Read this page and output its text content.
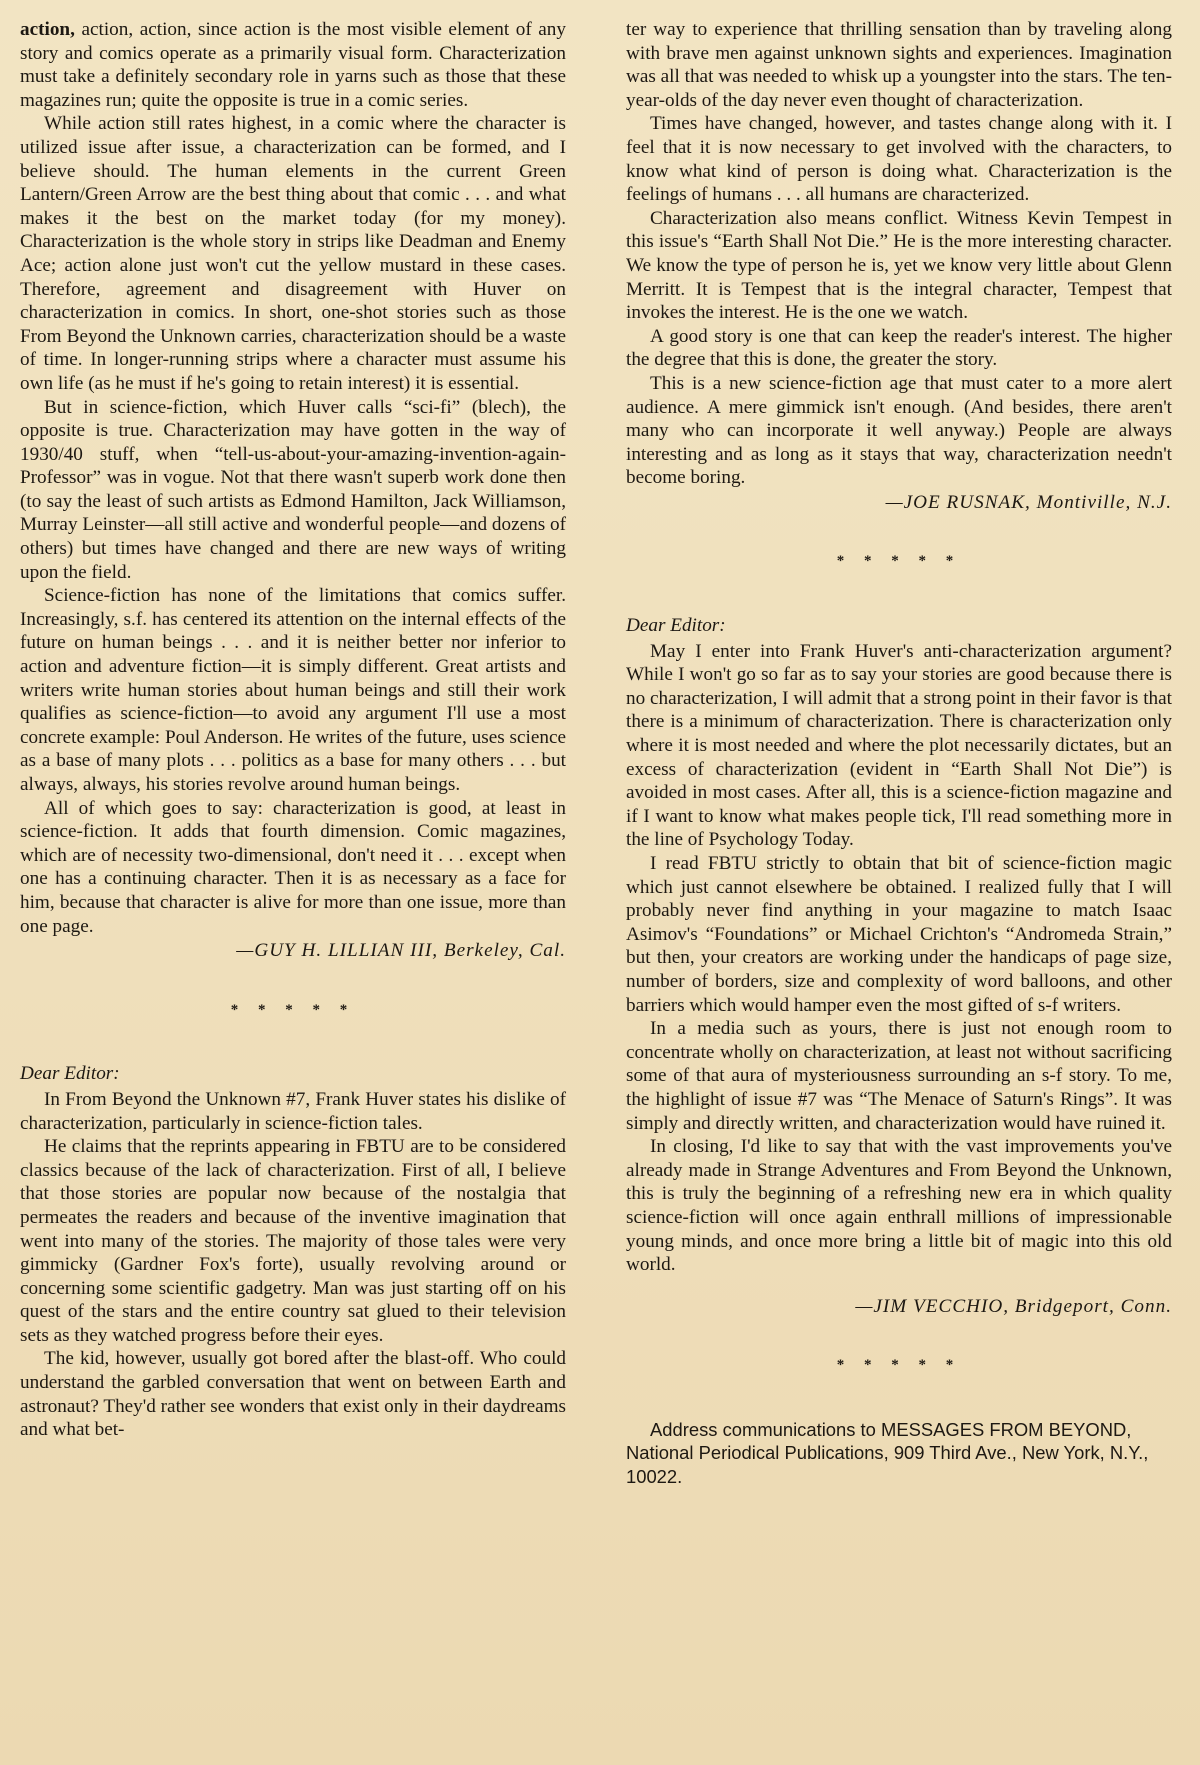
action, action, action, since action is the most visible element of any story and comics operate as a primarily visual form. Characterization must take a definitely secondary role in yarns such as those that these magazines run; quite the opposite is true in a comic series.

While action still rates highest, in a comic where the character is utilized issue after issue, a characterization can be formed, and I believe should. The human elements in the current Green Lantern/Green Arrow are the best thing about that comic . . . and what makes it the best on the market today (for my money). Characterization is the whole story in strips like Deadman and Enemy Ace; action alone just won't cut the yellow mustard in these cases. Therefore, agreement and disagreement with Huver on characterization in comics. In short, one-shot stories such as those From Beyond the Unknown carries, characterization should be a waste of time. In longer-running strips where a character must assume his own life (as he must if he's going to retain interest) it is essential.

But in science-fiction, which Huver calls “sci-fi” (blech), the opposite is true. Characterization may have gotten in the way of 1930/40 stuff, when “tell-us-about-your-amazing-invention-again-Professor” was in vogue. Not that there wasn't superb work done then (to say the least of such artists as Edmond Hamilton, Jack Williamson, Murray Leinster—all still active and wonderful people—and dozens of others) but times have changed and there are new ways of writing upon the field.

Science-fiction has none of the limitations that comics suffer. Increasingly, s.f. has centered its attention on the internal effects of the future on human beings . . . and it is neither better nor inferior to action and adventure fiction—it is simply different. Great artists and writers write human stories about human beings and still their work qualifies as science-fiction—to avoid any argument I'll use a most concrete example: Poul Anderson. He writes of the future, uses science as a base of many plots . . . politics as a base for many others . . . but always, always, his stories revolve around human beings.

All of which goes to say: characterization is good, at least in science-fiction. It adds that fourth dimension. Comic magazines, which are of necessity two-dimensional, don't need it . . . except when one has a continuing character. Then it is as necessary as a face for him, because that character is alive for more than one issue, more than one page.

—GUY H. LILLIAN III, Berkeley, Cal.

* * * * *

Dear Editor:

In From Beyond the Unknown #7, Frank Huver states his dislike of characterization, particularly in science-fiction tales.

He claims that the reprints appearing in FBTU are to be considered classics because of the lack of characterization. First of all, I believe that those stories are popular now because of the nostalgia that permeates the readers and because of the inventive imagination that went into many of the stories. The majority of those tales were very gimmicky (Gardner Fox's forte), usually revolving around or concerning some scientific gadgetry. Man was just starting off on his quest of the stars and the entire country sat glued to their television sets as they watched progress before their eyes.

The kid, however, usually got bored after the blast-off. Who could understand the garbled conversation that went on between Earth and astronaut? They'd rather see wonders that exist only in their daydreams and what bet-

ter way to experience that thrilling sensation than by traveling along with brave men against unknown sights and experiences. Imagination was all that was needed to whisk up a youngster into the stars. The ten-year-olds of the day never even thought of characterization.

Times have changed, however, and tastes change along with it. I feel that it is now necessary to get involved with the characters, to know what kind of person is doing what. Characterization is the feelings of humans . . . all humans are characterized.

Characterization also means conflict. Witness Kevin Tempest in this issue's “Earth Shall Not Die.” He is the more interesting character. We know the type of person he is, yet we know very little about Glenn Merritt. It is Tempest that is the integral character, Tempest that invokes the interest. He is the one we watch.

A good story is one that can keep the reader's interest. The higher the degree that this is done, the greater the story.

This is a new science-fiction age that must cater to a more alert audience. A mere gimmick isn't enough. (And besides, there aren't many who can incorporate it well anyway.) People are always interesting and as long as it stays that way, characterization needn't become boring.

—JOE RUSNAK, Montiville, N.J.

* * * * *

Dear Editor:

May I enter into Frank Huver's anti-characterization argument? While I won't go so far as to say your stories are good because there is no characterization, I will admit that a strong point in their favor is that there is a minimum of characterization. There is characterization only where it is most needed and where the plot necessarily dictates, but an excess of characterization (evident in “Earth Shall Not Die”) is avoided in most cases. After all, this is a science-fiction magazine and if I want to know what makes people tick, I'll read something more in the line of Psychology Today.

I read FBTU strictly to obtain that bit of science-fiction magic which just cannot elsewhere be obtained. I realized fully that I will probably never find anything in your magazine to match Isaac Asimov's “Foundations” or Michael Crichton's “Andromeda Strain,” but then, your creators are working under the handicaps of page size, number of borders, size and complexity of word balloons, and other barriers which would hamper even the most gifted of s-f writers.

In a media such as yours, there is just not enough room to concentrate wholly on characterization, at least not without sacrificing some of that aura of mysteriousness surrounding an s-f story. To me, the highlight of issue #7 was “The Menace of Saturn's Rings”. It was simply and directly written, and characterization would have ruined it.

In closing, I'd like to say that with the vast improvements you've already made in Strange Adventures and From Beyond the Unknown, this is truly the beginning of a refreshing new era in which quality science-fiction will once again enthrall millions of impressionable young minds, and once more bring a little bit of magic into this old world.

—JIM VECCHIO, Bridgeport, Conn.

* * * * *

Address communications to MESSAGES FROM BEYOND, National Periodical Publications, 909 Third Ave., New York, N.Y., 10022.
